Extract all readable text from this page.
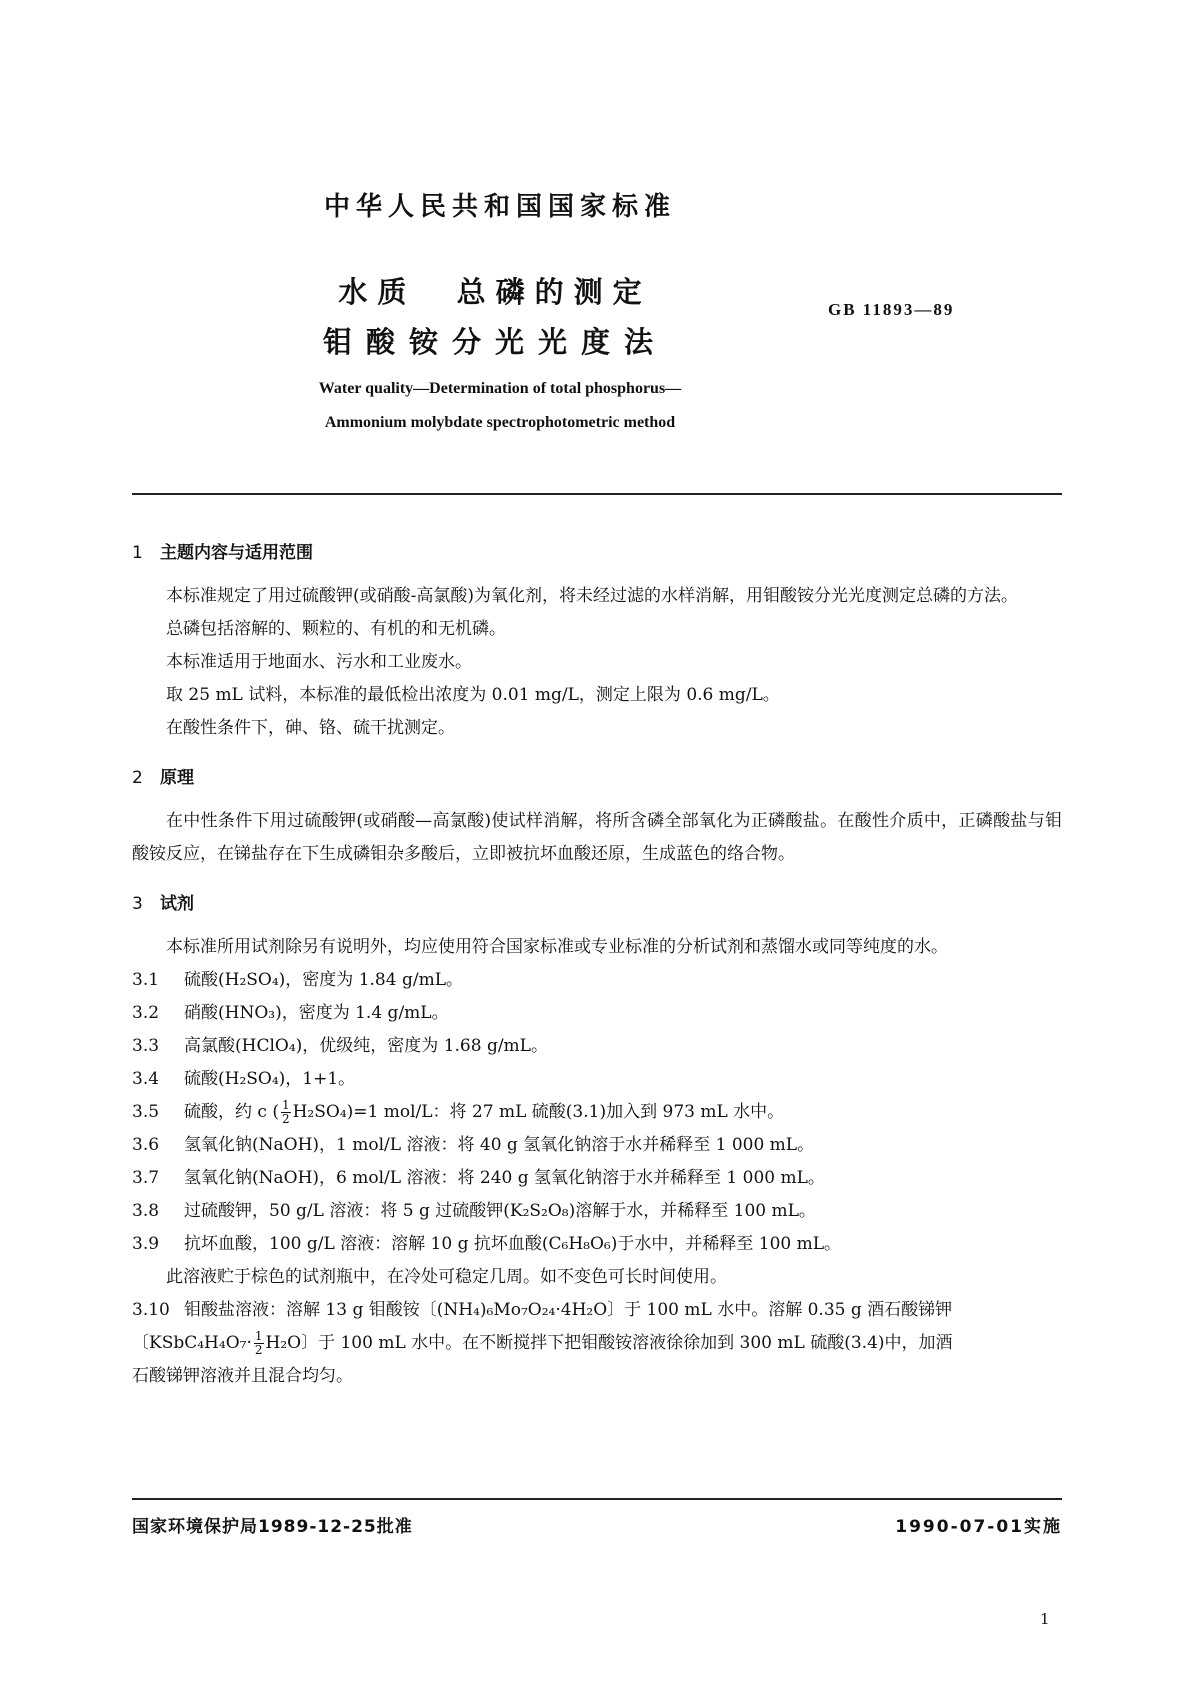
中华人民共和国国家标准
水质  总磷的测定
钼酸铵分光光度法
GB 11893—89
Water quality—Determination of total phosphorus—
Ammonium molybdate spectrophotometric method

1 主题内容与适用范围

本标准规定了用过硫酸钾(或硝酸-高氯酸)为氧化剂，将未经过滤的水样消解，用钼酸铵分光光度测定总磷的方法。

总磷包括溶解的、颗粒的、有机的和无机磷。

本标准适用于地面水、污水和工业废水。

取 25 mL 试料，本标准的最低检出浓度为 0.01 mg/L，测定上限为 0.6 mg/L。

在酸性条件下，砷、铬、硫干扰测定。

2 原理

在中性条件下用过硫酸钾(或硝酸—高氯酸)使试样消解，将所含磷全部氧化为正磷酸盐。在酸性介质中，正磷酸盐与钼酸铵反应，在锑盐存在下生成磷钼杂多酸后，立即被抗坏血酸还原，生成蓝色的络合物。

3 试剂

本标准所用试剂除另有说明外，均应使用符合国家标准或专业标准的分析试剂和蒸馏水或同等纯度的水。

3.1 硫酸(H₂SO₄)，密度为 1.84 g/mL。

3.2 硝酸(HNO₃)，密度为 1.4 g/mL。

3.3 高氯酸(HClO₄)，优级纯，密度为 1.68 g/mL。

3.4 硫酸(H₂SO₄)，1+1。

3.5 硫酸，约 c ( $\frac{1}{2} H_2SO_4)=1$ mol/L：将 27 mL 硫酸(3.1)加入到 973 mL 水中。

3.6 氢氧化钠(NaOH)，1 mol/L 溶液：将 40 g 氢氧化钠溶于水并稀释至 1 000 mL。

3.7 氢氧化钠(NaOH)，6 mol/L 溶液：将 240 g 氢氧化钠溶于水并稀释至 1 000 mL。

3.8 过硫酸钾，50 g/L 溶液：将 5 g 过硫酸钾(K₂S₂O₈)溶解于水，并稀释至 100 mL。

3.9 抗坏血酸，100 g/L 溶液：溶解 10 g 抗坏血酸(C₆H₈O₆)于水中，并稀释至 100 mL。

此溶液贮于棕色的试剂瓶中，在冷处可稳定几周。如不变色可长时间使用。

3.10 钼酸盐溶液：溶解 13 g 钼酸铵〔(NH₄)₆Mo₇O₂₄·4H₂O〕于 100 mL 水中。溶解 0.35 g 酒石酸锑钾

〔KSbC₄H₄O₇· $\frac{1}{2} H_2O$〕于 100 mL 水中。在不断搅拌下把钼酸铵溶液徐徐加到 300 mL 硫酸(3.4)中，加酒

石酸锑钾溶液并且混合均匀。

国家环境保护局1989-12-25批准	1990-07-01实施
1
